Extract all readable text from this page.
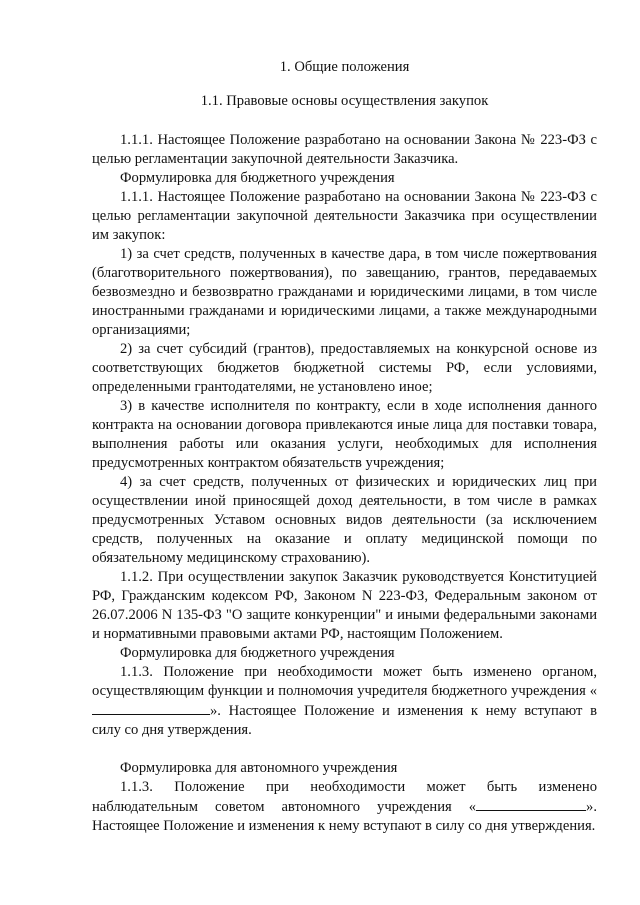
1. Общие положения

1.1. Правовые основы осуществления закупок

1.1.1. Настоящее Положение разработано на основании Закона № 223-ФЗ с целью регламентации закупочной деятельности Заказчика.

Формулировка для бюджетного учреждения

1.1.1. Настоящее Положение разработано на основании Закона № 223-ФЗ с целью регламентации закупочной деятельности Заказчика при осуществлении им закупок:

1) за счет средств, полученных в качестве дара, в том числе пожертвования (благотворительного пожертвования), по завещанию, грантов, передаваемых безвозмездно и безвозвратно гражданами и юридическими лицами, в том числе иностранными гражданами и юридическими лицами, а также международными организациями;

2) за счет субсидий (грантов), предоставляемых на конкурсной основе из соответствующих бюджетов бюджетной системы РФ, если условиями, определенными грантодателями, не установлено иное;

3) в качестве исполнителя по контракту, если в ходе исполнения данного контракта на основании договора привлекаются иные лица для поставки товара, выполнения работы или оказания услуги, необходимых для исполнения предусмотренных контрактом обязательств учреждения;

4) за счет средств, полученных от физических и юридических лиц при осуществлении иной приносящей доход деятельности, в том числе в рамках предусмотренных Уставом основных видов деятельности (за исключением средств, полученных на оказание и оплату медицинской помощи по обязательному медицинскому страхованию).

1.1.2. При осуществлении закупок Заказчик руководствуется Конституцией РФ, Гражданским кодексом РФ, Законом N 223-ФЗ, Федеральным законом от 26.07.2006 N 135-ФЗ "О защите конкуренции" и иными федеральными законами и нормативными правовыми актами РФ, настоящим Положением.

Формулировка для бюджетного учреждения

1.1.3. Положение при необходимости может быть изменено органом, осуществляющим функции и полномочия учредителя бюджетного учреждения «». Настоящее Положение и изменения к нему вступают в силу со дня утверждения.

Формулировка для автономного учреждения

1.1.3. Положение при необходимости может быть изменено наблюдательным советом автономного учреждения «	». Настоящее Положение и изменения к нему вступают в силу со дня утверждения.
